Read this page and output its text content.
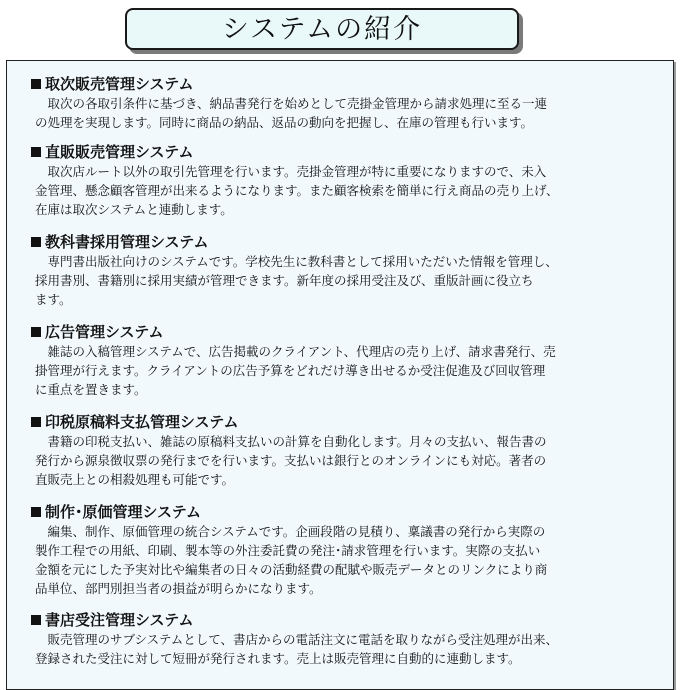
システムの紹介
取次販売管理システム
　取次の各取引条件に基づき、納品書発行を始めとして売掛金管理から請求処理に至る一連
の処理を実現します。同時に商品の納品、返品の動向を把握し、在庫の管理も行います。
直販販売管理システム
　取次店ルート以外の取引先管理を行います。売掛金管理が特に重要になりますので、未入
金管理、懸念顧客管理が出来るようになります。また顧客検索を簡単に行え商品の売り上げ、
在庫は取次システムと連動します。
教科書採用管理システム
　専門書出版社向けのシステムです。学校先生に教科書として採用いただいた情報を管理し、
採用書別、書籍別に採用実績が管理できます。新年度の採用受注及び、重版計画に役立ち
ます。
広告管理システム
　雑誌の入稿管理システムで、広告掲載のクライアント、代理店の売り上げ、請求書発行、売
掛管理が行えます。クライアントの広告予算をどれだけ導き出せるか受注促進及び回収管理
に重点を置きます。
印税原稿料支払管理システム
　書籍の印税支払い、雑誌の原稿料支払いの計算を自動化します。月々の支払い、報告書の
発行から源泉徴収票の発行までを行います。支払いは銀行とのオンラインにも対応。著者の
直販売上との相殺処理も可能です。
制作･原価管理システム
　編集、制作、原価管理の統合システムです。企画段階の見積り、稟議書の発行から実際の
製作工程での用紙、印刷、製本等の外注委託費の発注･請求管理を行います。実際の支払い
金額を元にした予実対比や編集者の日々の活動経費の配賦や販売データとのリンクにより商
品単位、部門別担当者の損益が明らかになります。
書店受注管理システム
　販売管理のサブシステムとして、書店からの電話注文に電話を取りながら受注処理が出来、
登録された受注に対して短冊が発行されます。売上は販売管理に自動的に連動します。
